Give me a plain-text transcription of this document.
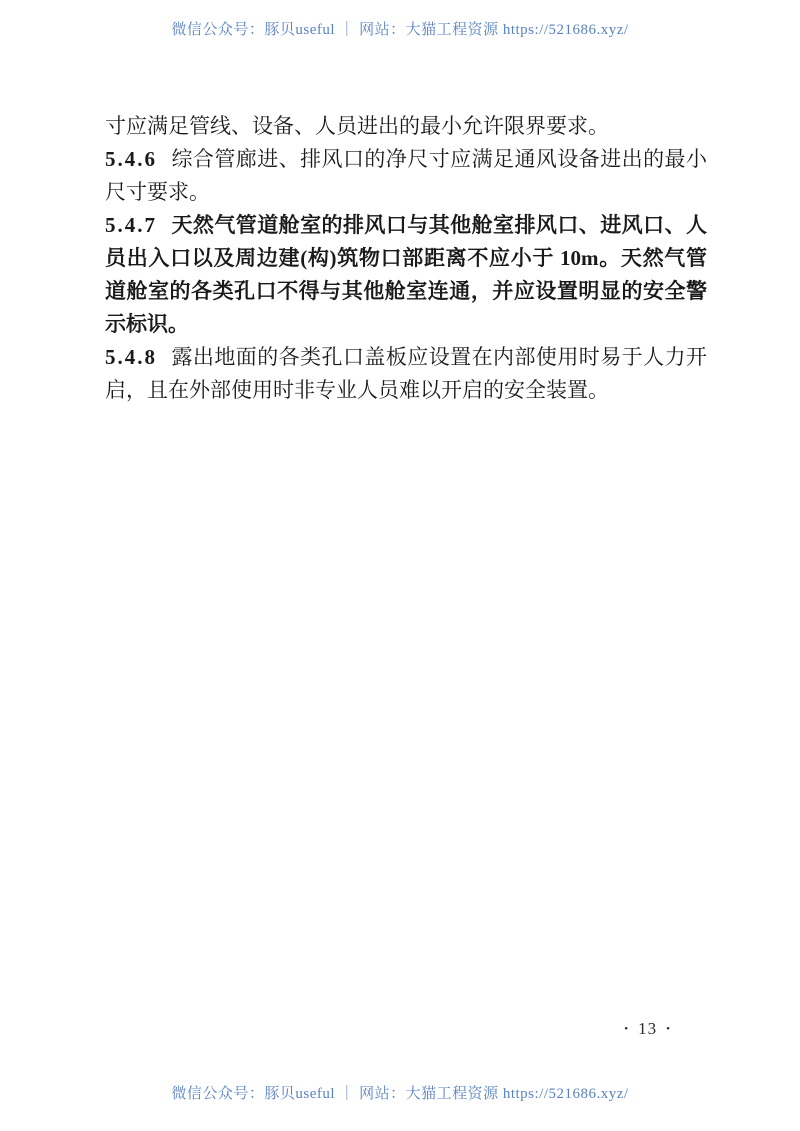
微信公众号：豚贝useful ｜ 网站：大猫工程资源 https://521686.xyz/

寸应满足管线、设备、人员进出的最小允许限界要求。

5.4.6 综合管廊进、排风口的净尺寸应满足通风设备进出的最小尺寸要求。

5.4.7 天然气管道舱室的排风口与其他舱室排风口、进风口、人员出入口以及周边建(构)筑物口部距离不应小于 10m。天然气管道舱室的各类孔口不得与其他舱室连通，并应设置明显的安全警示标识。

5.4.8 露出地面的各类孔口盖板应设置在内部使用时易于人力开启，且在外部使用时非专业人员难以开启的安全装置。

• 13 •
微信公众号：豚贝useful ｜ 网站：大猫工程资源 https://521686.xyz/
